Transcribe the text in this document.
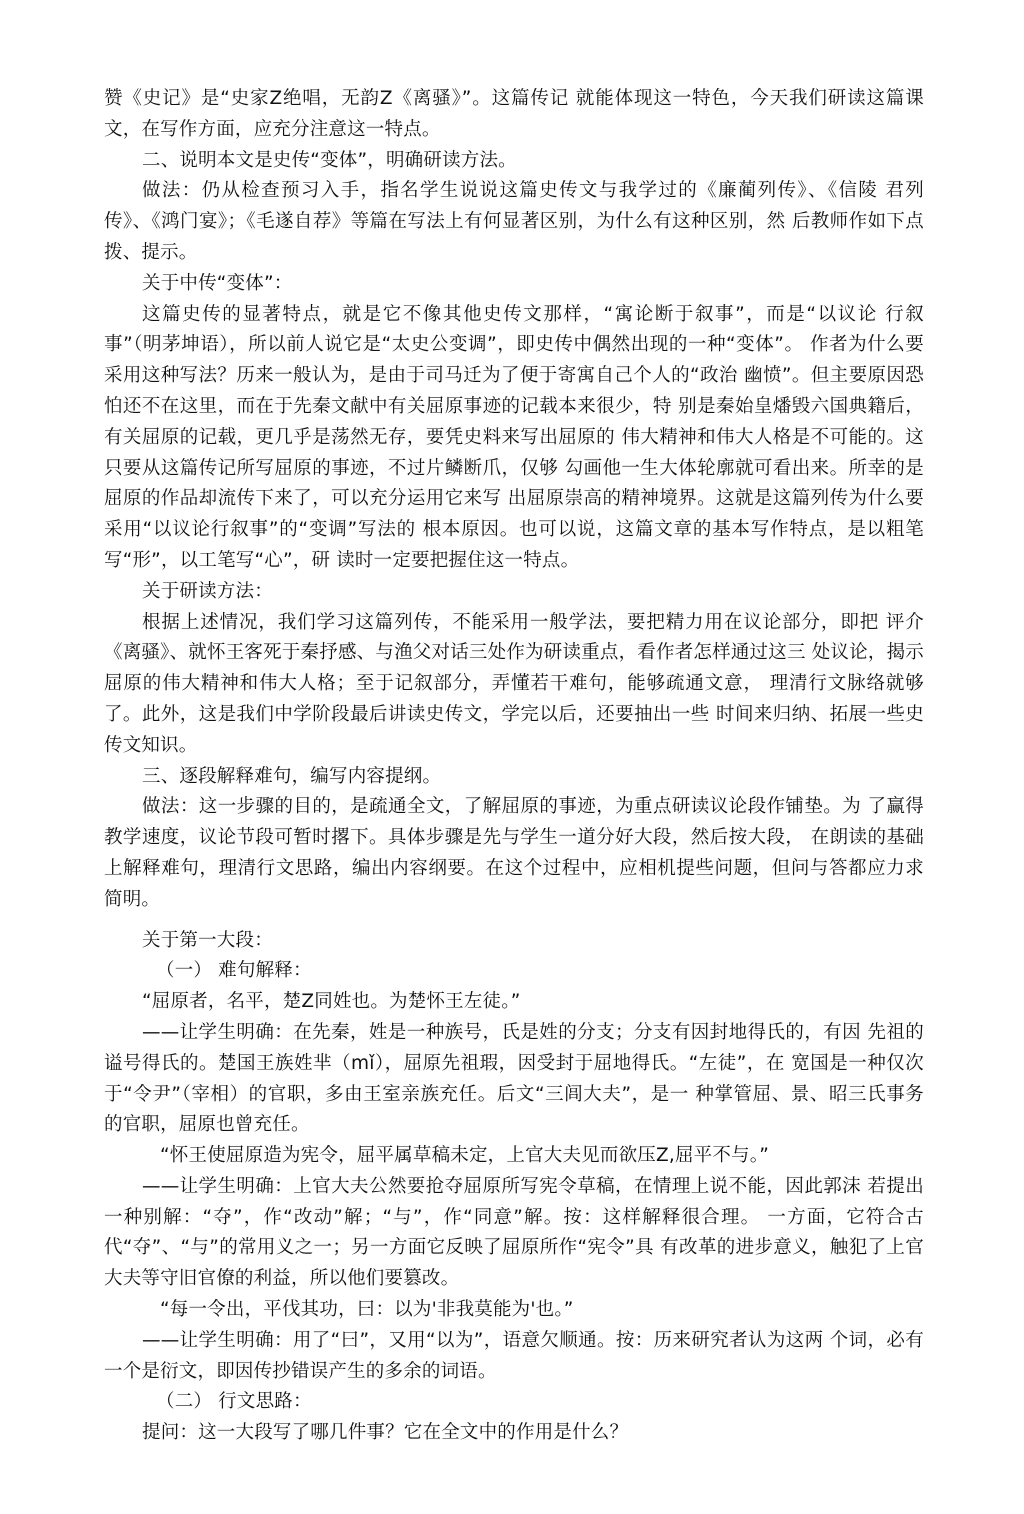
赞《史记》是“史家Z绝唱，无韵Z《离骚》”。这篇传记 就能体现这一特色，今天我们研读这篇课文，在写作方面，应充分注意这一特点。

二、说明本文是史传“变体”，明确研读方法。

做法：仍从检查预习入手，指名学生说说这篇史传文与我学过的《廉蔺列传》、《信陵 君列传》、《鸿门宴》；《毛遂自荐》等篇在写法上有何显著区别，为什么有这种区别，然 后教师作如下点拨、提示。

关于中传“变体”：

这篇史传的显著特点，就是它不像其他史传文那样，“寓论断于叙事”，而是“以议论 行叙事”（明茅坤语），所以前人说它是“太史公变调”，即史传中偶然出现的一种“变体”。 作者为什么要采用这种写法？历来一般认为，是由于司马迁为了便于寄寓自己个人的“政治 幽愤”。但主要原因恐怕还不在这里，而在于先秦文献中有关屈原事迹的记载本来很少，特 别是秦始皇燔毁六国典籍后，有关屈原的记载，更几乎是荡然无存，要凭史料来写出屈原的 伟大精神和伟大人格是不可能的。这只要从这篇传记所写屈原的事迹，不过片鳞断爪，仅够 勾画他一生大体轮廓就可看出来。所幸的是屈原的作品却流传下来了，可以充分运用它来写 出屈原崇高的精神境界。这就是这篇列传为什么要采用“以议论行叙事”的“变调”写法的 根本原因。也可以说，这篇文章的基本写作特点，是以粗笔写“形”，以工笔写“心”，研 读时一定要把握住这一特点。

关于研读方法：

根据上述情况，我们学习这篇列传，不能采用一般学法，要把精力用在议论部分，即把 评介《离骚》、就怀王客死于秦抒感、与渔父对话三处作为研读重点，看作者怎样通过这三 处议论，揭示屈原的伟大精神和伟大人格；至于记叙部分，弄懂若干难句，能够疏通文意， 理清行文脉络就够了。此外，这是我们中学阶段最后讲读史传文，学完以后，还要抽出一些 时间来归纳、拓展一些史传文知识。

三、逐段解释难句，编写内容提纲。

做法：这一步骤的目的，是疏通全文，了解屈原的事迹，为重点研读议论段作铺垫。为 了赢得教学速度，议论节段可暂时撂下。具体步骤是先与学生一道分好大段，然后按大段， 在朗读的基础上解释难句，理清行文思路，编出内容纲要。在这个过程中，应相机提些问题，但问与答都应力求简明。

关于第一大段：

（一） 难句解释：

“屈原者，名平，楚Z同姓也。为楚怀王左徒。”

——让学生明确：在先秦，姓是一种族号，氏是姓的分支；分支有因封地得氏的，有因 先祖的谥号得氏的。楚国王族姓芈（mǐ），屈原先祖瑕，因受封于屈地得氏。“左徒”，在 宽国是一种仅次于“令尹”（宰相）的官职，多由王室亲族充任。后文“三闾大夫”，是一 种掌管屈、景、昭三氏事务的官职，屈原也曾充任。

“怀王使屈原造为宪令，屈平属草稿未定，上官大夫见而欲压Z,屈平不与。”

——让学生明确：上官大夫公然要抢夺屈原所写宪令草稿，在情理上说不能，因此郭沫 若提出一种别解：“夺”，作“改动”解；“与”，作“同意”解。按：这样解释很合理。 一方面，它符合古代“夺”、“与”的常用义之一；另一方面它反映了屈原所作“宪令”具 有改革的进步意义，触犯了上官大夫等守旧官僚的利益，所以他们要篡改。

“每一令出，平伐其功，曰：以为'非我莫能为'也。”

——让学生明确：用了“曰”，又用“以为”，语意欠顺通。按：历来研究者认为这两 个词，必有一个是衍文，即因传抄错误产生的多余的词语。

（二） 行文思路：

提问：这一大段写了哪几件事？它在全文中的作用是什么？
